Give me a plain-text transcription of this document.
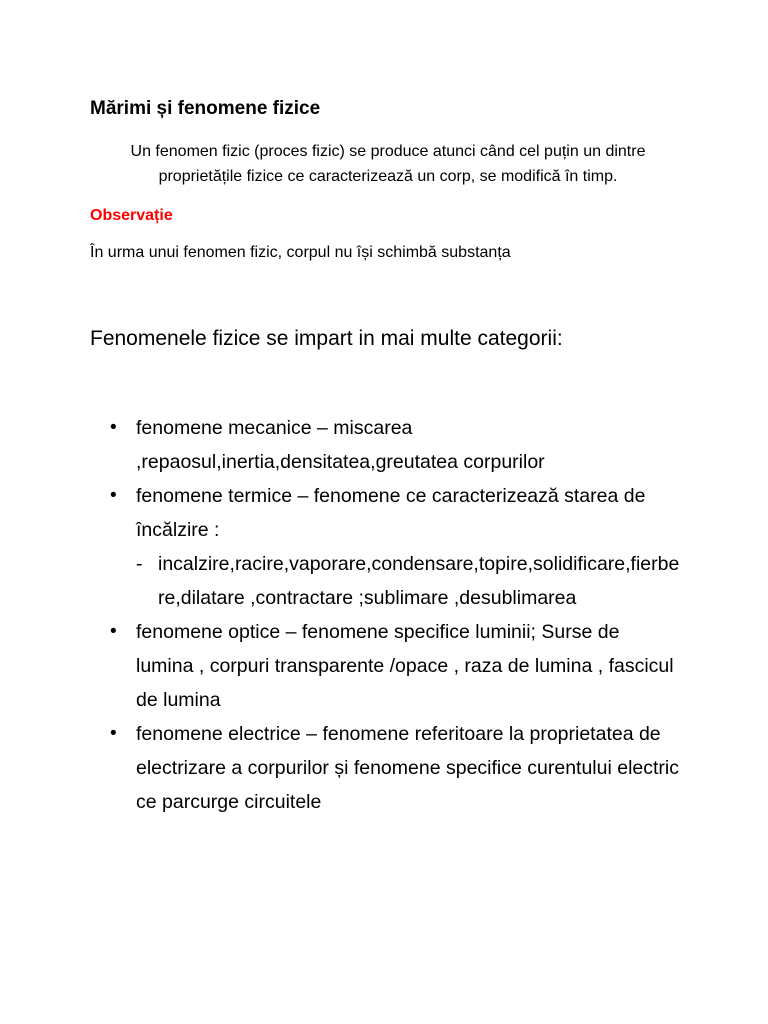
Mărimi și fenomene fizice

Un fenomen fizic (proces fizic) se produce atunci când cel puțin un dintre proprietățile fizice ce caracterizează un corp, se modifică în timp.

Observație

În urma unui fenomen fizic, corpul nu își schimbă substanța

Fenomenele fizice se impart in mai multe categorii:

• fenomene mecanice – miscarea ,repaosul,inertia,densitatea,greutatea corpurilor
• fenomene termice – fenomene ce caracterizează starea de încălzire :
- incalzire,racire,vaporare,condensare,topire,solidificare,fierbere,dilatare ,contractare ;sublimare ,desublimarea
• fenomene optice – fenomene specifice luminii; Surse de lumina , corpuri transparente /opace , raza de lumina , fascicul de lumina
• fenomene electrice – fenomene referitoare la proprietatea de electrizare a corpurilor și fenomene specifice curentului electric ce parcurge circuitele
